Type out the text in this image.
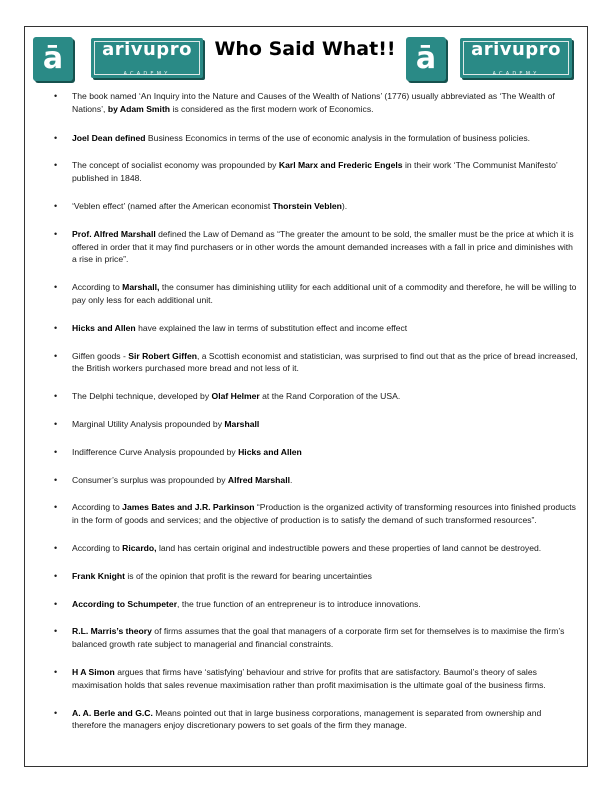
ā	arivupro
ACADEMY
Who Said What!! ā	arivupro
ACADEMY
• The book named ‘An Inquiry into the Nature and Causes of the Wealth of Nations’ (1776) usually abbreviated as ‘The Wealth of Nations’, by Adam Smith is considered as the first modern work of Economics.
• Joel Dean defined Business Economics in terms of the use of economic analysis in the formulation of business policies.
• The concept of socialist economy was propounded by Karl Marx and Frederic Engels in their work ‘The Communist Manifesto’ published in 1848.
• ‘Veblen effect’ (named after the American economist Thorstein Veblen).
• Prof. Alfred Marshall defined the Law of Demand as “The greater the amount to be sold, the smaller must be the price at which it is offered in order that it may find purchasers or in other words the amount demanded increases with a fall in price and diminishes with a rise in price”.
• According to Marshall, the consumer has diminishing utility for each additional unit of a commodity and therefore, he will be willing to pay only less for each additional unit.
• Hicks and Allen have explained the law in terms of substitution effect and income effect
• Giffen goods - Sir Robert Giffen, a Scottish economist and statistician, was surprised to find out that as the price of bread increased, the British workers purchased more bread and not less of it.
• The Delphi technique, developed by Olaf Helmer at the Rand Corporation of the USA.
• Marginal Utility Analysis propounded by Marshall
• Indifference Curve Analysis propounded by Hicks and Allen
• Consumer’s surplus was propounded by Alfred Marshall.
• According to James Bates and J.R. Parkinson “Production is the organized activity of transforming resources into finished products in the form of goods and services; and the objective of production is to satisfy the demand of such transformed resources”.
• According to Ricardo, land has certain original and indestructible powers and these properties of land cannot be destroyed.
• Frank Knight is of the opinion that profit is the reward for bearing uncertainties
• According to Schumpeter, the true function of an entrepreneur is to introduce innovations.
• R.L. Marris’s theory of firms assumes that the goal that managers of a corporate firm set for themselves is to maximise the firm’s balanced growth rate subject to managerial and financial constraints.
• H A Simon argues that firms have ‘satisfying’ behaviour and strive for profits that are satisfactory. Baumol’s theory of sales maximisation holds that sales revenue maximisation rather than profit maximisation is the ultimate goal of the business firms.
• A. A. Berle and G.C. Means pointed out that in large business corporations, management is separated from ownership and therefore the managers enjoy discretionary powers to set goals of the firm they manage.
